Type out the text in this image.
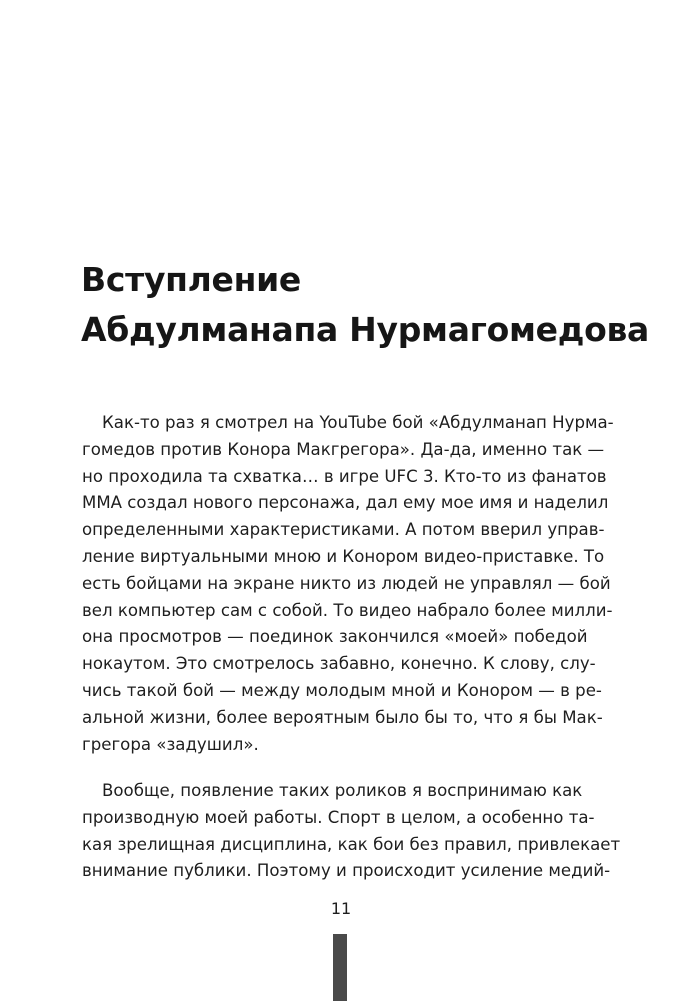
Вступление
Абдулманапа Нурмагомедова
Как-то раз я смотрел на YouTube бой «Абдулманап Нурма-
гомедов против Конора Макгрегора». Да-да, именно так —
но проходила та схватка… в игре UFC 3. Кто-то из фанатов
MMA создал нового персонажа, дал ему мое имя и наделил
определенными характеристиками. А потом вверил управ-
ление виртуальными мною и Конором видео-приставке. То
есть бойцами на экране никто из людей не управлял — бой
вел компьютер сам с собой. То видео набрало более милли-
она просмотров — поединок закончился «моей» победой
нокаутом. Это смотрелось забавно, конечно. К слову, слу-
чись такой бой — между молодым мной и Конором — в ре-
альной жизни, более вероятным было бы то, что я бы Мак-
грегора «задушил».
Вообще, появление таких роликов я воспринимаю как
производную моей работы. Спорт в целом, а особенно та-
кая зрелищная дисциплина, как бои без правил, привлекает
внимание публики. Поэтому и происходит усиление медий-
11
